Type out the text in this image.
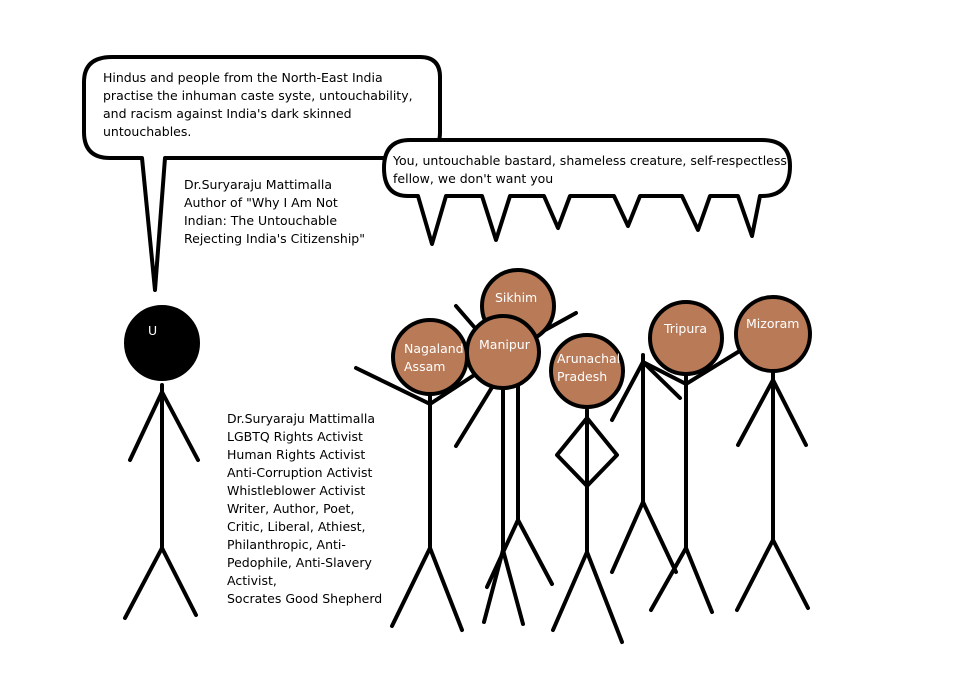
Hindus and people from the North-East India
practise the inhuman caste syste, untouchability,
and racism against India's dark skinned
untouchables.
You, untouchable bastard, shameless creature, self-respectless
fellow, we don't want you
Dr.Suryaraju Mattimalla
Author of "Why I Am Not
Indian: The Untouchable
Rejecting India's Citizenship"
Dr.Suryaraju Mattimalla
LGBTQ Rights Activist
Human Rights Activist
Anti-Corruption Activist
Whistleblower Activist
Writer, Author, Poet,
Critic, Liberal, Athiest,
Philanthropic, Anti-
Pedophile, Anti-Slavery
Activist,
Socrates Good Shepherd
U
Sikhim
Nagaland
Assam
Manipur
Arunachal
Pradesh
Tripura	Mizoram
